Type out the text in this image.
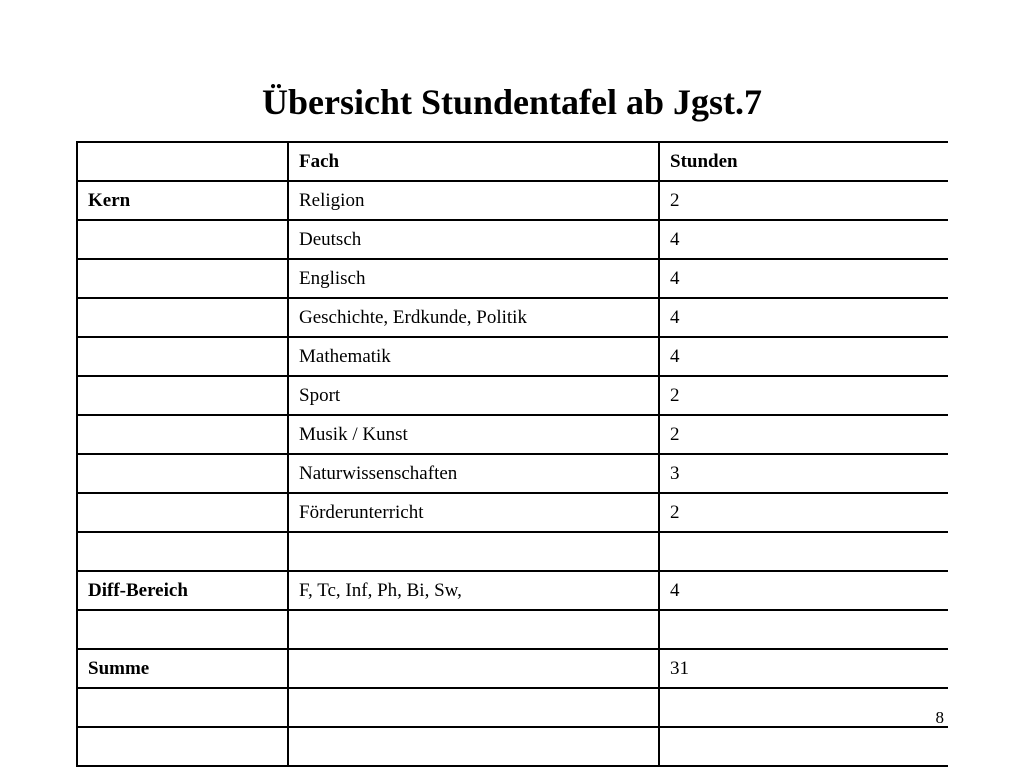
Übersicht Stundentafel ab Jgst.7
	Fach	Stunden
Kern	Religion	2
	Deutsch	4
	Englisch	4
	Geschichte, Erdkunde, Politik	4
	Mathematik	4
	Sport	2
	Musik / Kunst	2
	Naturwissenschaften	3
	Förderunterricht	2

Diff-Bereich	F, Tc, Inf, Ph, Bi, Sw,	4

Summe		31

8
